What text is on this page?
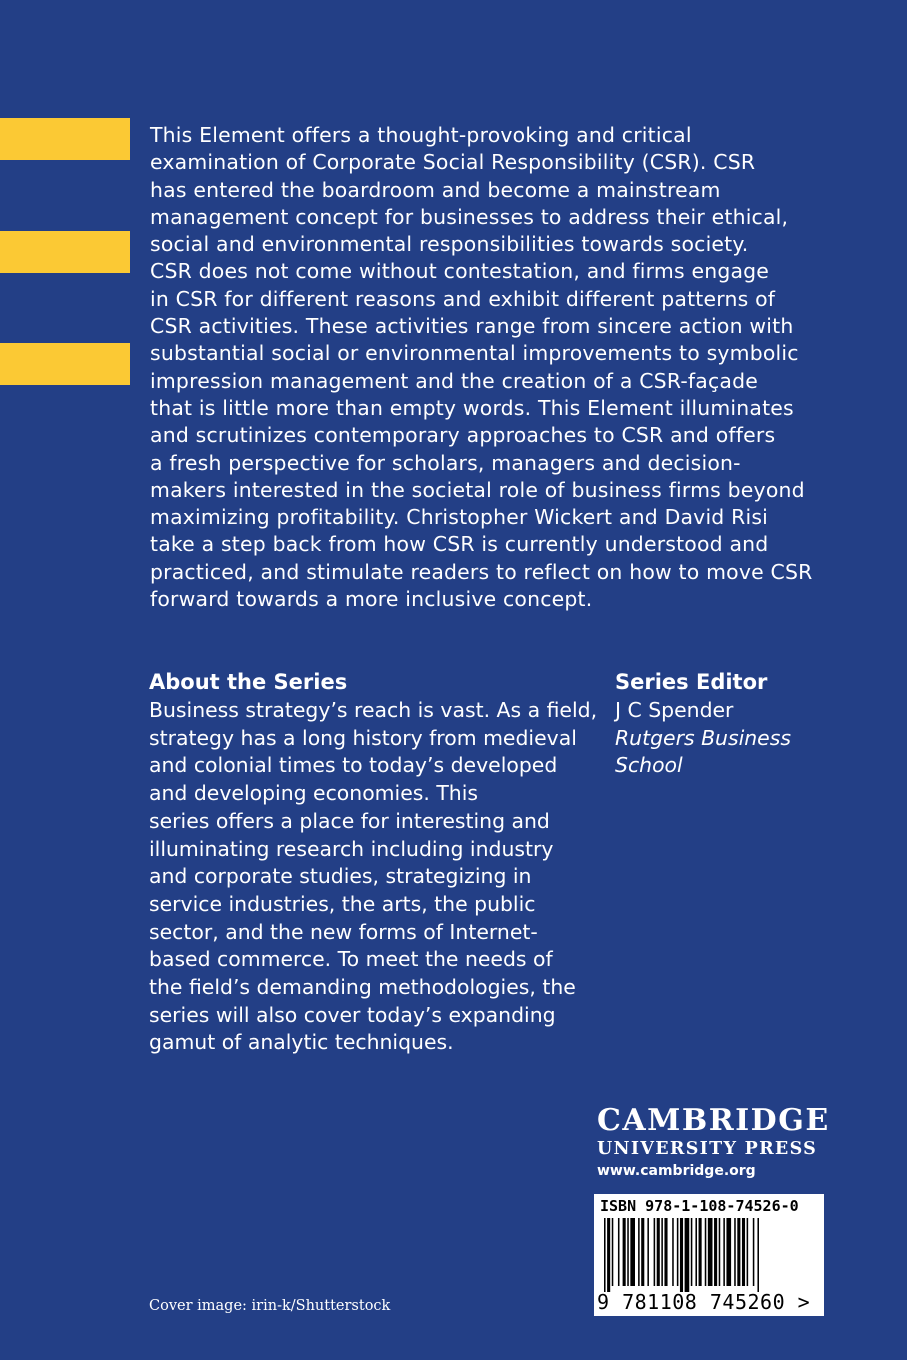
This Element offers a thought-provoking and critical
examination of Corporate Social Responsibility (CSR). CSR
has entered the boardroom and become a mainstream
management concept for businesses to address their ethical,
social and environmental responsibilities towards society.
CSR does not come without contestation, and firms engage
in CSR for different reasons and exhibit different patterns of
CSR activities. These activities range from sincere action with
substantial social or environmental improvements to symbolic
impression management and the creation of a CSR-façade
that is little more than empty words. This Element illuminates
and scrutinizes contemporary approaches to CSR and offers
a fresh perspective for scholars, managers and decision-
makers interested in the societal role of business firms beyond
maximizing profitability. Christopher Wickert and David Risi
take a step back from how CSR is currently understood and
practiced, and stimulate readers to reflect on how to move CSR
forward towards a more inclusive concept.
About the Series
Business strategy’s reach is vast. As a field,
strategy has a long history from medieval
and colonial times to today’s developed
and developing economies. This
series offers a place for interesting and
illuminating research including industry
and corporate studies, strategizing in
service industries, the arts, the public
sector, and the new forms of Internet-
based commerce. To meet the needs of
the field’s demanding methodologies, the
series will also cover today’s expanding
gamut of analytic techniques.
Series Editor
J C Spender
Rutgers Business
School
CAMBRIDGE
UNIVERSITY PRESS
www.cambridge.org
ISBN 978-1-108-74526-0
9 781108 745260 >
Cover image: irin-k/Shutterstock
